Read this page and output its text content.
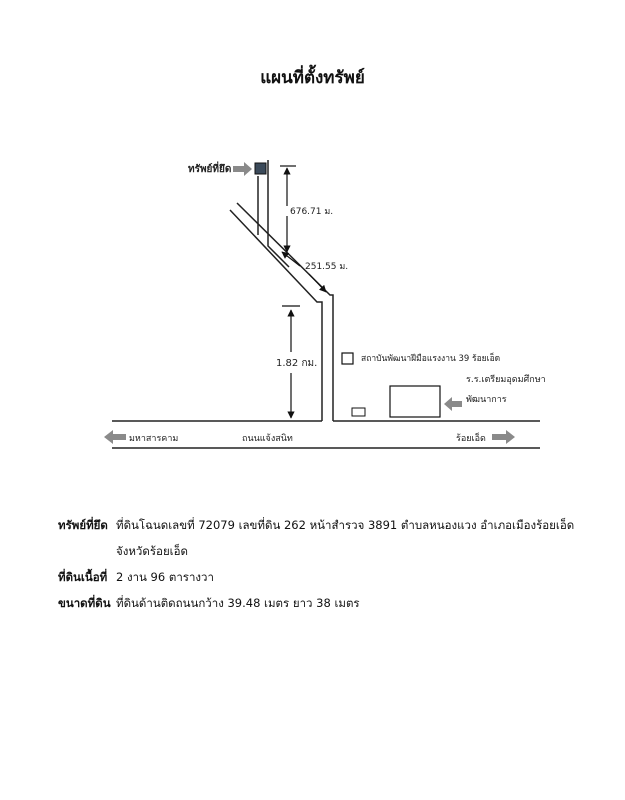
แผนที่ตั้งทรัพย์
ทรัพย์ที่ยึด
676.71 ม.
251.55 ม.
1.82 กม.	สถาบันพัฒนาฝีมือแรงงาน 39 ร้อยเอ็ด
ร.ร.เตรียมอุดมศึกษา
พัฒนาการ
มหาสารคาม	ถนนแจ้งสนิท	ร้อยเอ็ด
ทรัพย์ที่ยึด ที่ดินโฉนดเลขที่ 72079 เลขที่ดิน 262 หน้าสำรวจ 3891 ตำบลหนองแวง อำเภอเมืองร้อยเอ็ด
จังหวัดร้อยเอ็ด
ที่ดินเนื้อที่ 2 งาน 96 ตารางวา
ขนาดที่ดิน ที่ดินด้านติดถนนกว้าง 39.48 เมตร ยาว 38 เมตร
